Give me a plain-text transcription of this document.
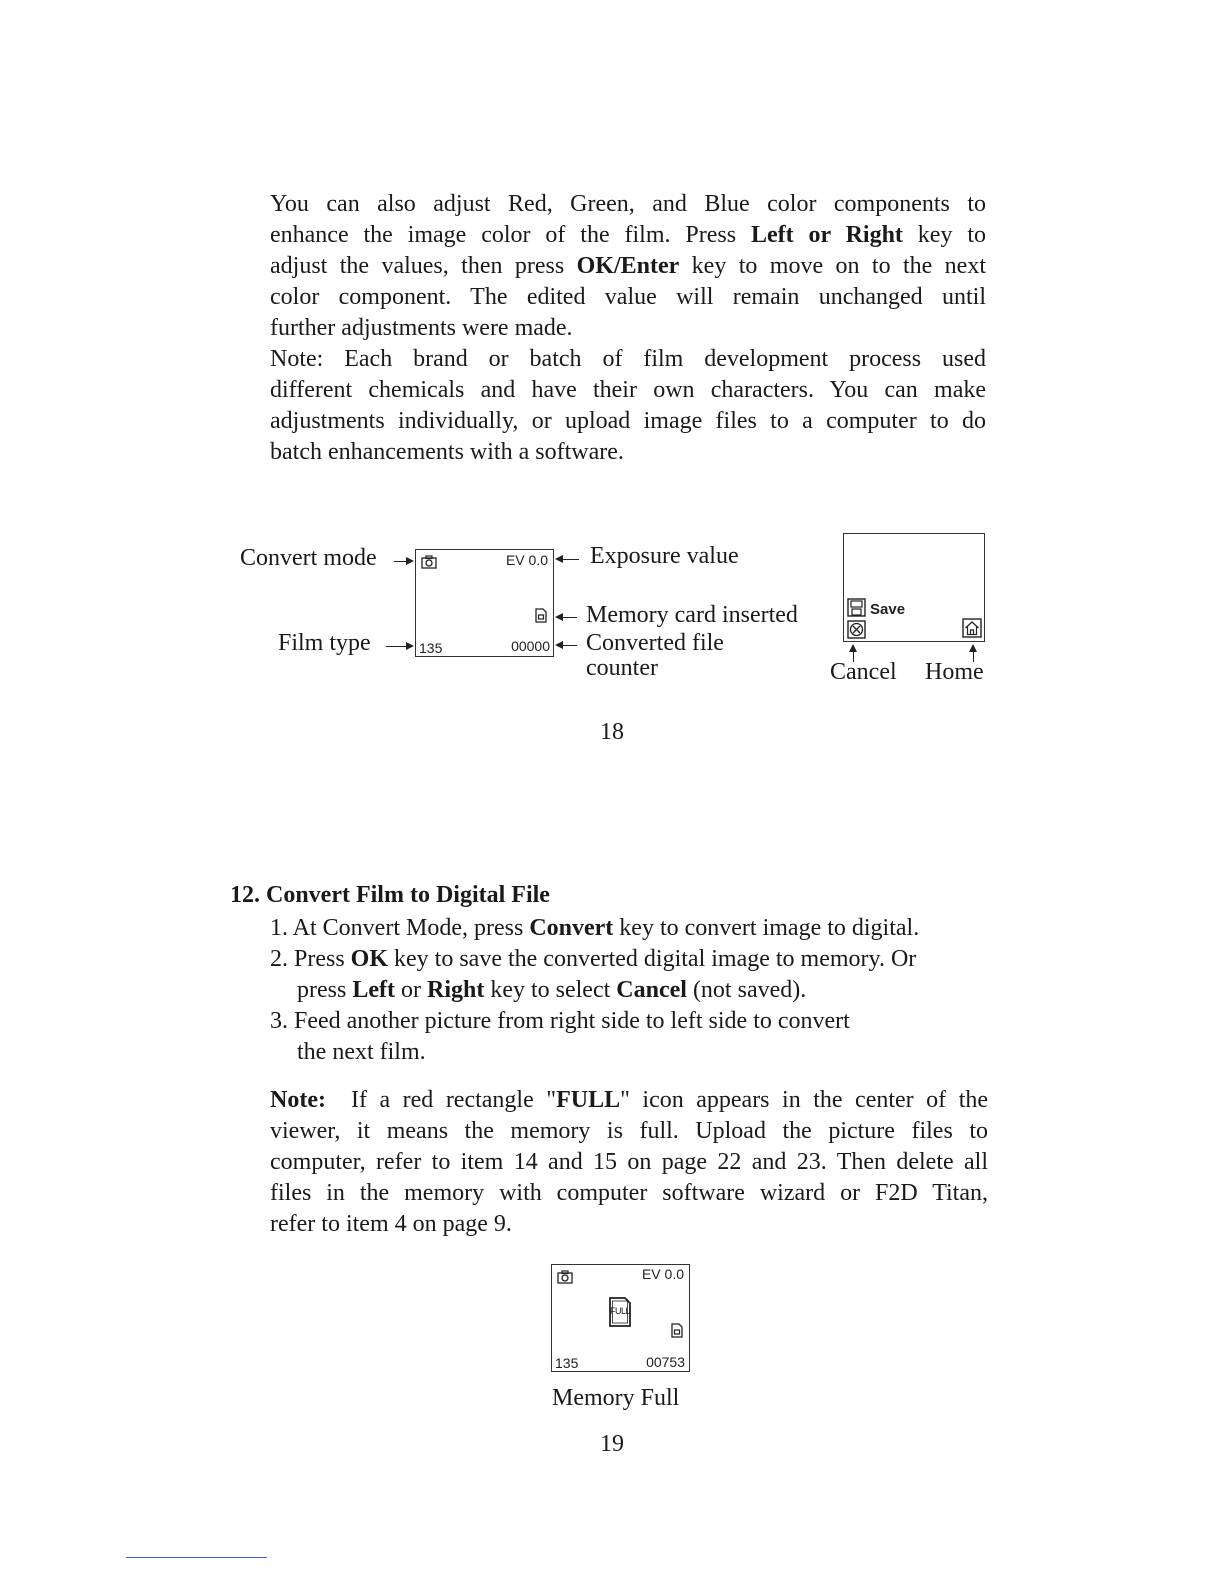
You can also adjust Red, Green, and Blue color components to
enhance the image color of the film. Press Left or Right key to
adjust the values, then press OK/Enter key to move on to the next
color component. The edited value will remain unchanged until
further adjustments were made.
Note: Each brand or batch of film development process used
different chemicals and have their own characters. You can make
adjustments individually, or upload image files to a computer to do
batch enhancements with a software.
Convert mode
Film type
EV 0.0
135	00000
Exposure value
Memory card inserted
Converted file
counter
Save
Cancel Home
18
12. Convert Film to Digital File
1. At Convert Mode, press Convert key to convert image to digital.
2. Press OK key to save the converted digital image to memory. Or
press Left or Right key to select Cancel (not saved).
3. Feed another picture from right side to left side to convert
the next film.
Note:  If a red rectangle "FULL" icon appears in the center of the
viewer, it means the memory is full. Upload the picture files to
computer, refer to item 14 and 15 on page 22 and 23. Then delete all
files in the memory with computer software wizard or F2D Titan,
refer to item 4 on page 9.
EV 0.0
FULL
135	00753
Memory Full
19
